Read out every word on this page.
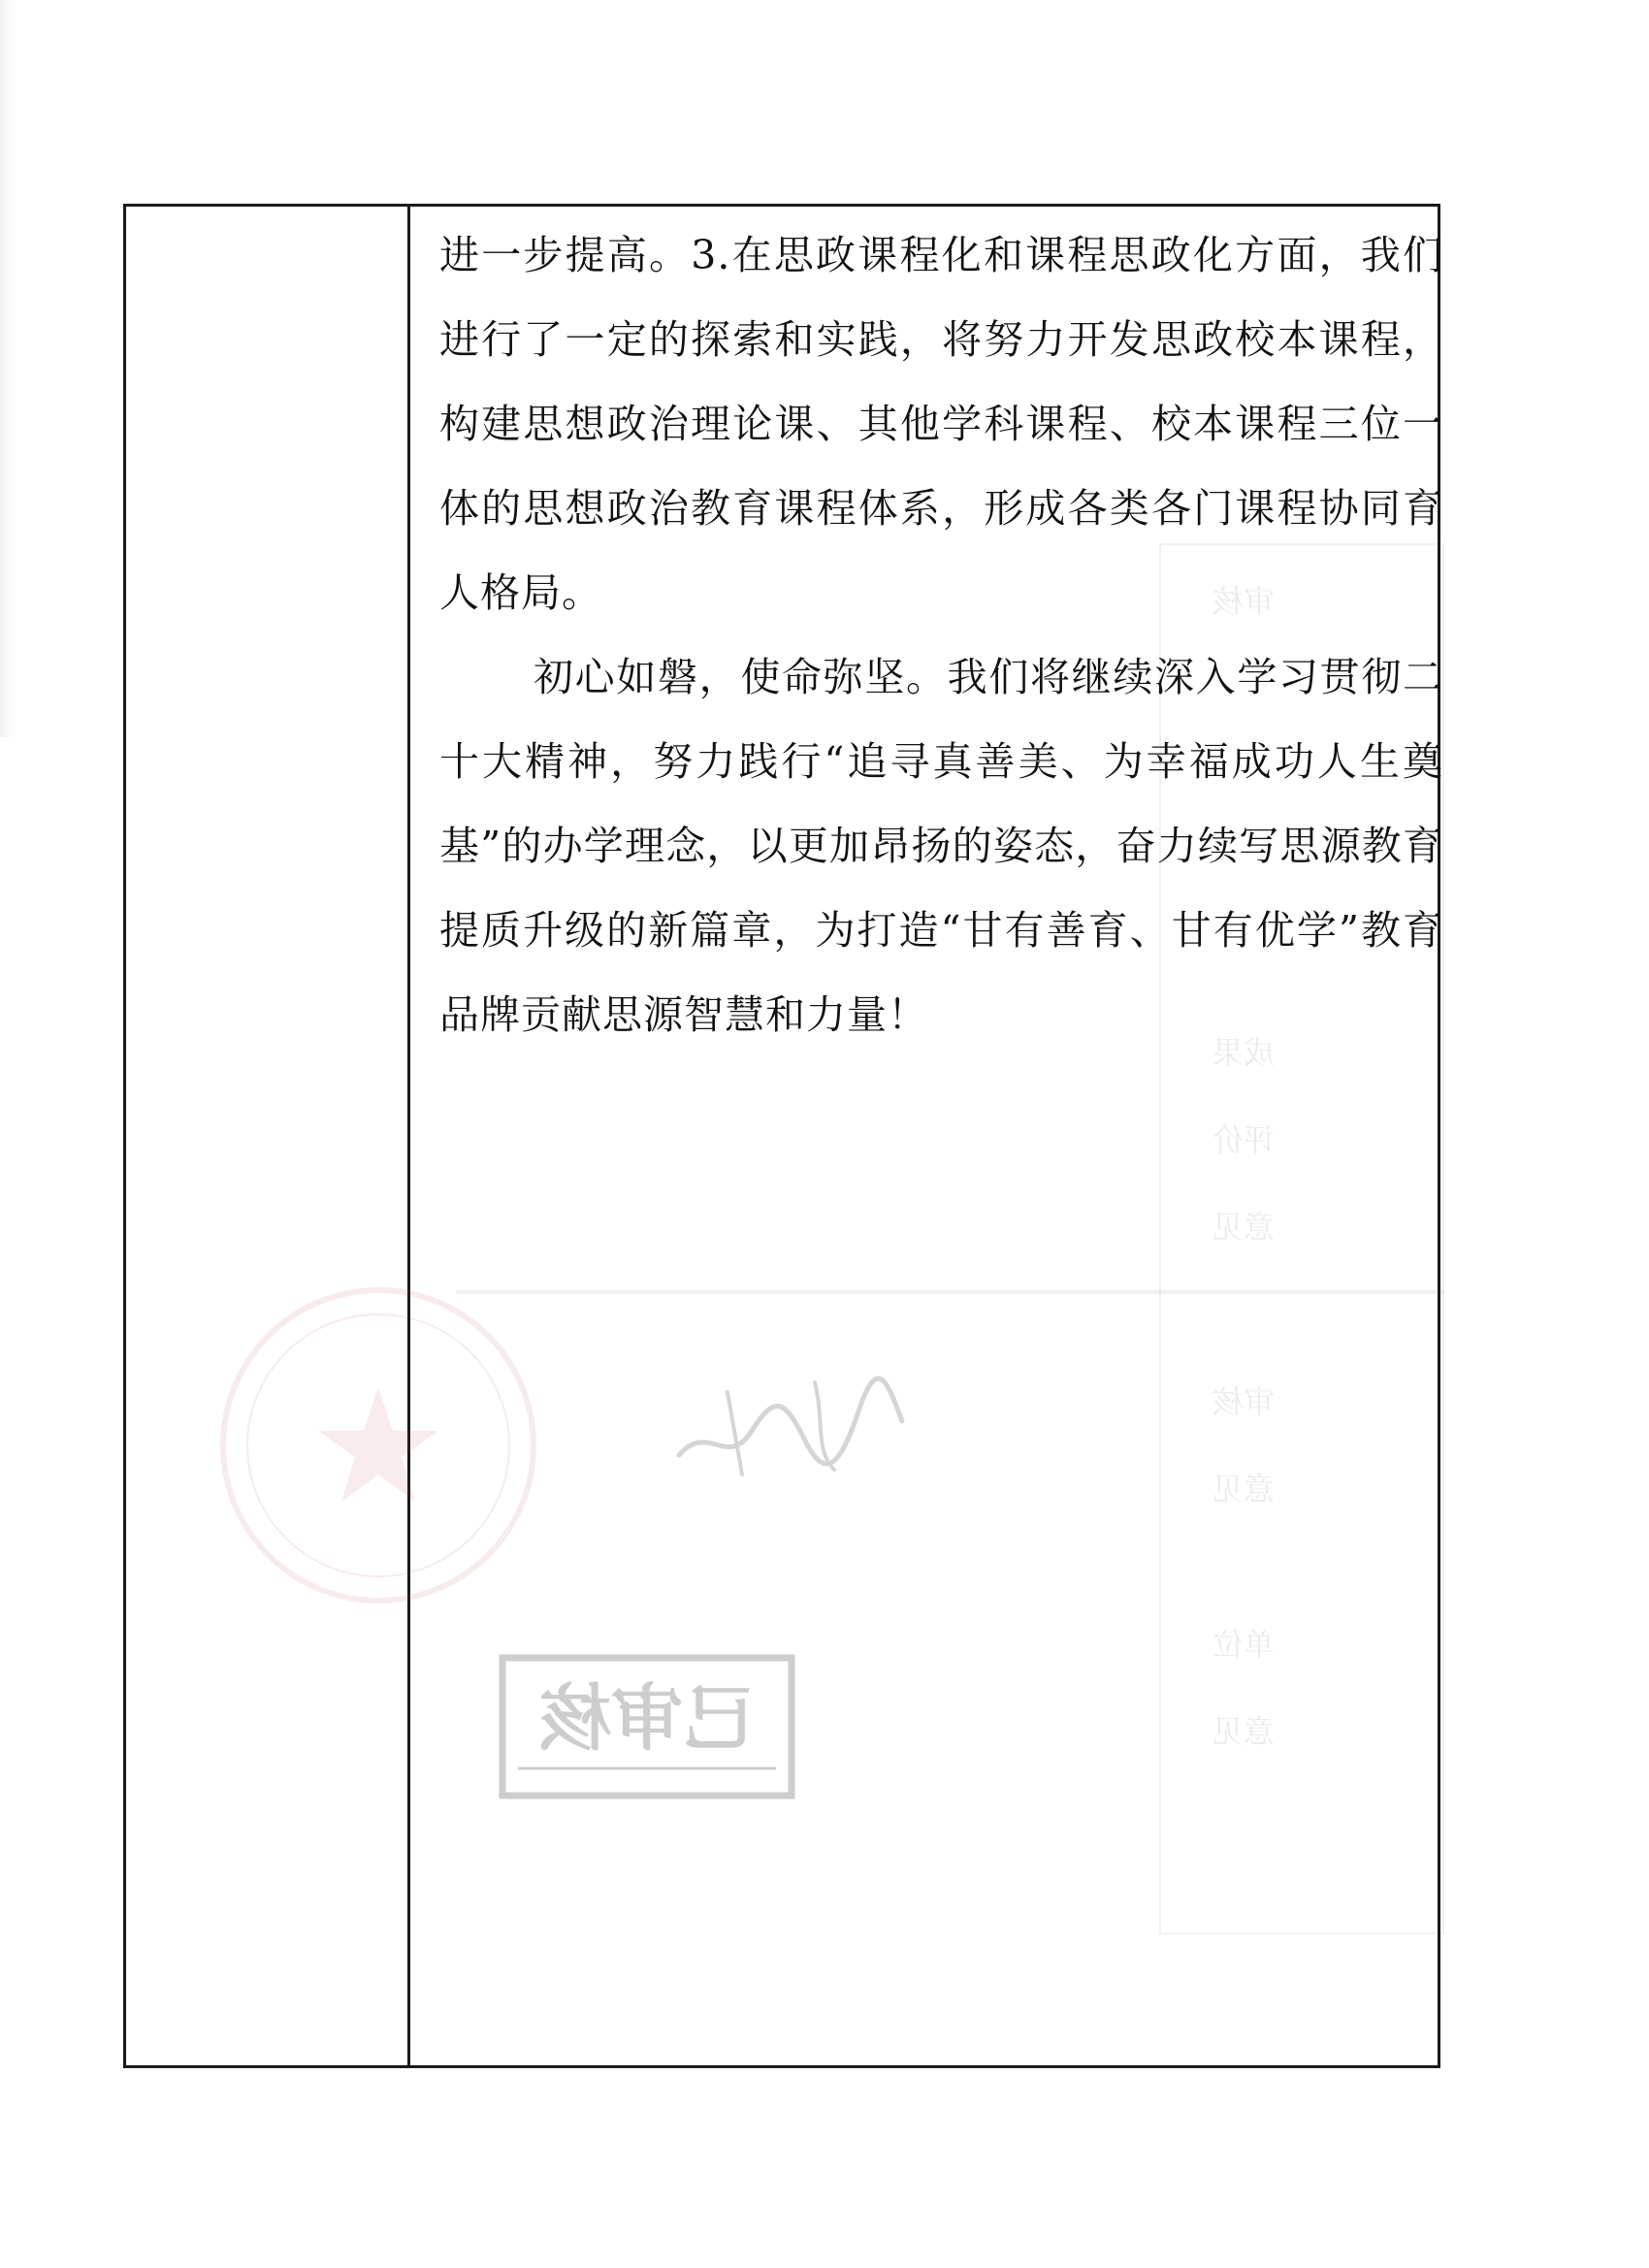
审核
成果
评价
意见
审核
意见
单位
意见

进一步提高。3.在思政课程化和课程思政化方面，我们进行了一定的探索和实践，将努力开发思政校本课程，构建思想政治理论课、其他学科课程、校本课程三位一体的思想政治教育课程体系，形成各类各门课程协同育人格局。

初心如磐，使命弥坚。我们将继续深入学习贯彻二十大精神，努力践行“追寻真善美、为幸福成功人生奠基”的办学理念，以更加昂扬的姿态，奋力续写思源教育提质升级的新篇章，为打造“甘有善育、甘有优学”教育品牌贡献思源智慧和力量！

已审核
